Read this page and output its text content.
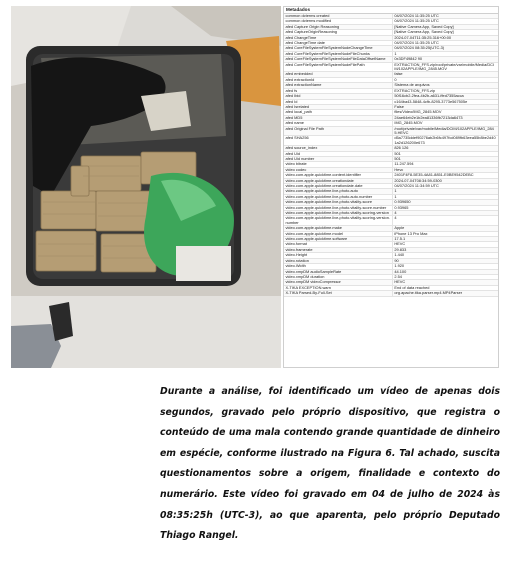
Metadados
common dcterms created	04/07/2024 11:35:25 UTC
common dcterms modified	04/07/2024 11:35:25 UTC
afed Capture Origin Reasoning	[Native Camera App, Saved Copy]
afed CaptureOriginReasoning	[Native Camera App, Saved Copy]
afed ChangeTime	2024-07-04T11:35:25.316+00:00
afed ChangeTime date	04/07/2024 11:35:25 UTC
afed CoreFileSystemFileSystemNodeChangeTime	04/07/2024 08:35:25(UTC-3)
afed CoreFileSystemFileSystemNodeFileChunks	1
afed CoreFileSystemFileSystemNodeFileDataOffsetName	0x3DF49842 90
afed CoreFileSystemFileSystemNodeFilePath	EXTRACTION_FFS.zip/root/private/var/mobile/Media/DCIM/102APPLE/IMG_2845.MOV
afed embedded	false
afed extractionId	0
afed extractionName	Sistema de arquivos
afed fs	EXTRACTION_FFS.zip
afed Ibid	50f16cb2-2fea-4b2b-a631-ffed7355acca
afed Id	c164ba43-5848-4cfb-8295-3773e567505e
afed Isrelated	False
afed local_path	files/Video/IMG_2845.MOV
afed MD5	24ae64eb2e1b2ea81336fb7213da6473
afed name	IMG_2845.MOV
afed Original File Path	/root/private/var/mobile/Media/DCIM/102APPLE/IMG_2845.HEVC
afed SHA256	d5a7735ddef90276ab2b6fc497fcd089fb63eea55b8be2d401a2d126200e673
afed source_index	826 126
afed Uid	501
afed Uid number	501
video bitrate	11.247.594
video codec	Hevc
video.com.apple.quicktime.content.identifier	2401F4F8-5E35-4A81-8851-E0BE9542DEBC
video.com.apple.quicktime.creationdate	2024-07-04T08:34:59-0300
video.com.apple.quicktime.creationdate.date	04/07/2024 11:34:59 UTC
video.com.apple.quicktime.live-photo.auto	1
video.com.apple.quicktime.live-photo.auto.number	1
video.com.apple.quicktime.live-photo.vitality-score	0.939650
video.com.apple.quicktime.live-photo.vitality-score.number	0.93965
video.com.apple.quicktime.live-photo.vitality-scoring-version	4
video.com.apple.quicktime.live-photo.vitality-scoring-version.number	4
video.com.apple.quicktime.make	Apple
video.com.apple.quicktime.model	iPhone 13 Pro Max
video.com.apple.quicktime.software	17.5.1
video.format	HEVC
video.framerate	29.833
video.Height	1.440
video.rotation	90
video.Width	1.920
video.xmpDM audioSampleRate	44.100
video.xmpDM duration	2.54
video.xmpDM videoCompressor	HEVC
X-TIKA EXCEPTION.warn	End of data reached
X-TIKA Parsed-By-Full-Set	org.apache.tika.parser.mp4.MP4Parser

Durante a análise, foi identificado um vídeo de apenas dois segundos, gravado pelo próprio dispositivo, que registra o conteúdo de uma mala contendo grande quantidade de dinheiro em espécie, conforme ilustrado na Figura 6. Tal achado, suscita questionamentos sobre a origem, finalidade e contexto do numerário. Este vídeo foi gravado em 04 de julho de 2024 às 08:35:25h (UTC-3), ao que aparenta, pelo próprio Deputado Thiago Rangel.
